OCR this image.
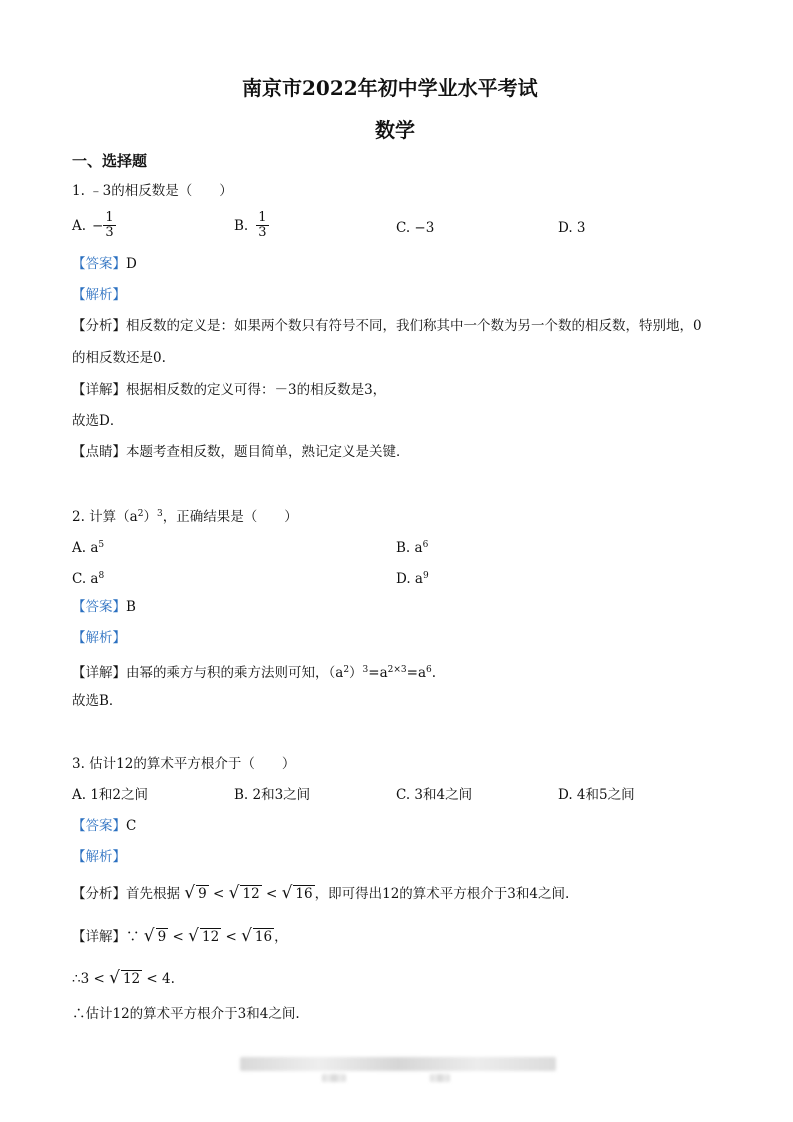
南京市2022年初中学业水平考试
数学
一、选择题
1. ﹣3的相反数是（　　）
A. − $\frac{1}{3}$	B. $\frac{1}{3}$	C. −3	D. 3
【答案】D
【解析】
【分析】相反数的定义是：如果两个数只有符号不同，我们称其中一个数为另一个数的相反数，特别地，0
的相反数还是0.
【详解】根据相反数的定义可得：－3的相反数是3，
故选D．
【点睛】本题考查相反数，题目简单，熟记定义是关键．
2. 计算$(a^2)^3$，正确结果是（　　）
A. $a^5$	B. $a^6$
C. $a^8$	D. $a^9$
【答案】B
【解析】
【详解】由幂的乘方与积的乘方法则可知，$(a^2)^3=a^{2\times 3}=a^6$.
故选B．
3. 估计12的算术平方根介于（　　）
A. 1和2之间	B. 2和3之间	C. 3和4之间	D. 4和5之间
【答案】C
【解析】
【分析】首先根据 √ 9 < √ 12 < √ 16 ，即可得出12的算术平方根介于3和4之间.
【详解】∵ √ 9 < √ 12 < √ 16 ，
∴3 < √ 12 < 4.
∴估计12的算术平方根介于3和4之间.
